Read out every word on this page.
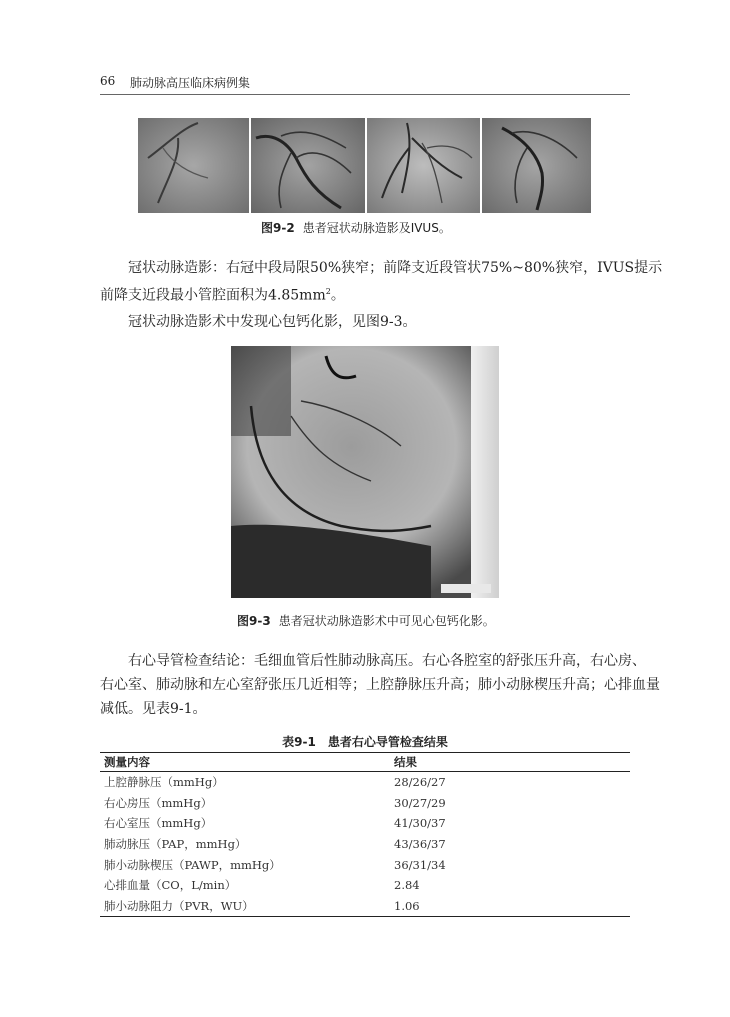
66 肺动脉高压临床病例集
图9-2 患者冠状动脉造影及IVUS。
冠状动脉造影：右冠中段局限50%狭窄；前降支近段管状75%~80%狭窄，IVUS提示
前降支近段最小管腔面积为$4.85mm^2$。
冠状动脉造影术中发现心包钙化影，见图9-3。
图9-3 患者冠状动脉造影术中可见心包钙化影。
右心导管检查结论：毛细血管后性肺动脉高压。右心各腔室的舒张压升高，右心房、
右心室、肺动脉和左心室舒张压几近相等；上腔静脉压升高；肺小动脉楔压升高；心排血量
减低。见表9-1。
表9-1　患者右心导管检查结果
测量内容	结果
上腔静脉压（mmHg）	28/26/27
右心房压（mmHg）	30/27/29
右心室压（mmHg）	41/30/37
肺动脉压（PAP，mmHg）	43/36/37
肺小动脉楔压（PAWP，mmHg）	36/31/34
心排血量（CO，L/min）	2.84
肺小动脉阻力（PVR，WU）	1.06
